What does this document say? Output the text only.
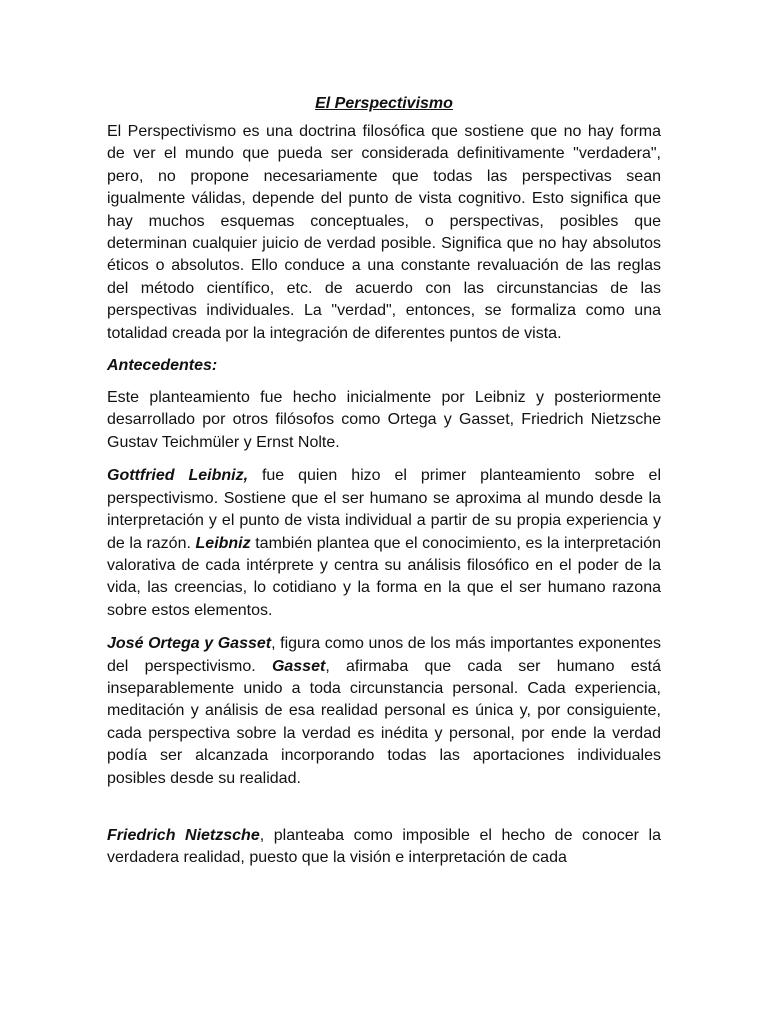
El Perspectivismo

El Perspectivismo es una doctrina filosófica que sostiene que no hay forma de ver el mundo que pueda ser considerada definitivamente "verdadera", pero, no propone necesariamente que todas las perspectivas sean igualmente válidas, depende del punto de vista cognitivo. Esto significa que hay muchos esquemas conceptuales, o perspectivas, posibles que determinan cualquier juicio de verdad posible. Significa que no hay absolutos éticos o absolutos. Ello conduce a una constante revaluación de las reglas del método científico, etc. de acuerdo con las circunstancias de las perspectivas individuales. La "verdad", entonces, se formaliza como una totalidad creada por la integración de diferentes puntos de vista.

Antecedentes:

Este planteamiento fue hecho inicialmente por Leibniz y posteriormente desarrollado por otros filósofos como Ortega y Gasset, Friedrich Nietzsche Gustav Teichmüler y Ernst Nolte.

Gottfried Leibniz, fue quien hizo el primer planteamiento sobre el perspectivismo. Sostiene que el ser humano se aproxima al mundo desde la interpretación y el punto de vista individual a partir de su propia experiencia y de la razón. Leibniz también plantea que el conocimiento, es la interpretación valorativa de cada intérprete y centra su análisis filosófico en el poder de la vida, las creencias, lo cotidiano y la forma en la que el ser humano razona sobre estos elementos.

José Ortega y Gasset, figura como unos de los más importantes exponentes del perspectivismo. Gasset, afirmaba que cada ser humano está inseparablemente unido a toda circunstancia personal. Cada experiencia, meditación y análisis de esa realidad personal es única y, por consiguiente, cada perspectiva sobre la verdad es inédita y personal, por ende la verdad podía ser alcanzada incorporando todas las aportaciones individuales posibles desde su realidad.

Friedrich Nietzsche, planteaba como imposible el hecho de conocer la verdadera realidad, puesto que la visión e interpretación de cada
